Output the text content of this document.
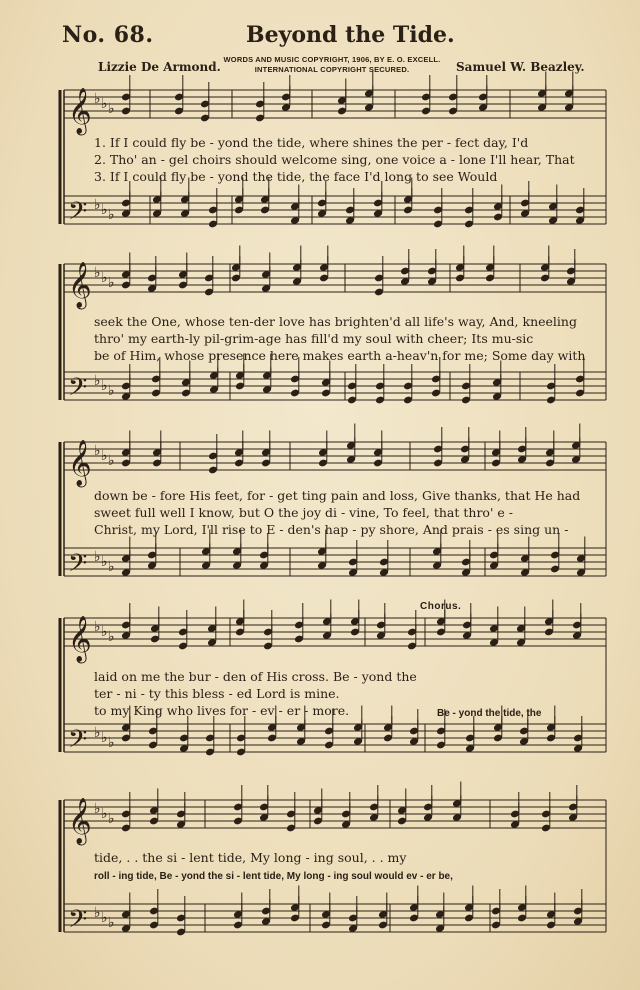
No. 68.	Beyond the Tide.
WORDS AND MUSIC COPYRIGHT, 1906, BY E. O. EXCELL.
INTERNATIONAL COPYRIGHT SECURED.
Lizzie De Armond.	Samuel W. Beazley.
𝄞 ♭ ♭ ♭
𝄢 ♭ ♭ ♭
𝄞 ♭ ♭ ♭
𝄢 ♭ ♭ ♭
𝄞 ♭ ♭ ♭
𝄢 ♭ ♭ ♭
𝄞 ♭ ♭ ♭
𝄢 ♭ ♭ ♭
𝄞 ♭ ♭ ♭
𝄢 ♭ ♭ ♭
1. If I could fly be - yond the tide, where shines the per - fect day, I'd
2. Tho' an - gel choirs should welcome sing, one voice a - lone I'll hear, That
3. If I could fly be - yond the tide, the face I'd long to see Would
seek the One, whose ten-der love has brighten'd all life's way, And, kneeling
thro' my earth-ly pil-grim-age has fill'd my soul with cheer; Its mu-sic
be of Him, whose presence here makes earth a-heav'n for me; Some day with
down be - fore His feet, for - get ting pain and loss, Give thanks, that He had
sweet full well I know, but O the joy di - vine, To feel, that thro' e -
Christ, my Lord, I'll rise to E - den's hap - py shore, And prais - es sing un -
Chorus.
laid on me the bur - den of His cross. Be - yond the
ter - ni - ty this bless - ed Lord is mine.
to my King who lives for - ev - er - more.	Be - yond the tide, the
tide, . . the si - lent tide, My long - ing soul, . . my
roll - ing tide, Be - yond the si - lent tide, My long - ing soul would ev - er be,
